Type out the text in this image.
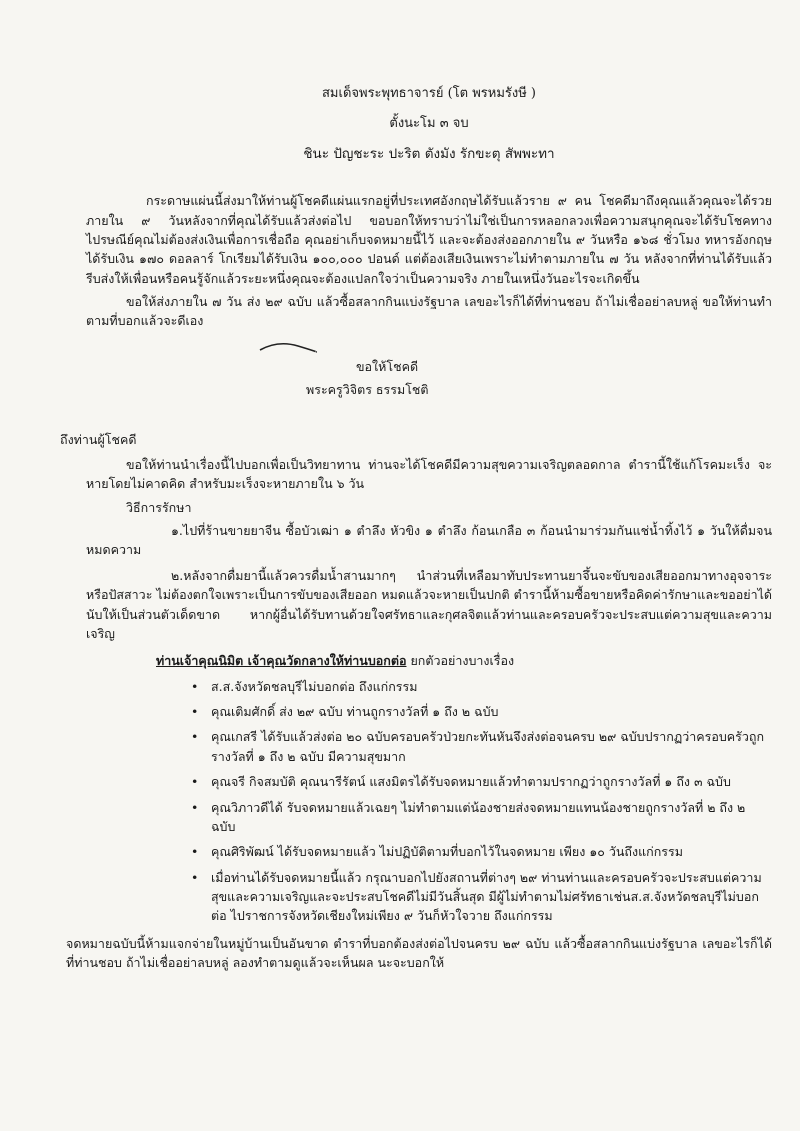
สมเด็จพระพุทธาจารย์ (โต พรหมรังษี )
ตั้งนะโม ๓ จบ
ชินะ ปัญชะระ ปะริต ตังมัง รักขะตุ สัพพะทา
กระดาษแผ่นนี้ส่งมาให้ท่านผู้โชคดีแผ่นแรกอยู่ที่ประเทศอังกฤษได้รับแล้วราย ๙ คน โชคดีมาถึงคุณแล้วคุณจะได้รวยภายใน ๙ วันหลังจากที่คุณได้รับแล้วส่งต่อไป ขอบอกให้ทราบว่าไม่ใช่เป็นการหลอกลวงเพื่อความสนุกคุณจะได้รับโชคทางไปรษณีย์คุณไม่ต้องส่งเงินเพื่อการเชื่อถือ คุณอย่าเก็บจดหมายนี้ไว้ และจะต้องส่งออกภายใน ๙ วันหรือ ๑๖๘ ชั่วโมง ทหารอังกฤษได้รับเงิน ๑๗๐ ดอลลาร์ โกเรียมได้รับเงิน ๑๐๐,๐๐๐ ปอนด์ แต่ต้องเสียเงินเพราะไม่ทำตามภายใน ๗ วัน หลังจากที่ท่านได้รับแล้วรีบส่งให้เพื่อนหรือคนรู้จักแล้วระยะหนึ่งคุณจะต้องแปลกใจว่าเป็นความจริง ภายในเหนึ่งวันอะไรจะเกิดขึ้น
ขอให้ส่งภายใน ๗ วัน ส่ง ๒๙ ฉบับ แล้วซื้อสลากกินแบ่งรัฐบาล เลขอะไรก็ได้ที่ท่านชอบ ถ้าไม่เชื่ออย่าลบหลู่ ขอให้ท่านทำตามที่บอกแล้วจะดีเอง
ขอให้โชคดี
พระครูวิจิตร ธรรมโชติ
ถึงท่านผู้โชคดี
ขอให้ท่านนำเรื่องนี้ไปบอกเพื่อเป็นวิทยาทาน ท่านจะได้โชคดีมีความสุขความเจริญตลอดกาล ตำรานี้ใช้แก้โรคมะเร็ง จะหายโดยไม่คาดคิด สำหรับมะเร็งจะหายภายใน ๖ วัน
วิธีการรักษา
๑.ไปที่ร้านขายยาจีน ซื้อบัวเฒ่า ๑ ตำลึง หัวขิง ๑ ตำลึง ก้อนเกลือ ๓ ก้อนนำมาร่วมกันแช่น้ำทิ้งไว้ ๑ วันให้ดื่มจนหมดความ
๒.หลังจากดื่มยานี้แล้วควรดื่มน้ำสานมากๆ นำส่วนที่เหลือมาทับประทานยาจึ้นจะขับของเสียออกมาทางอุจจาระหรือปัสสาวะ ไม่ต้องตกใจเพราะเป็นการขับของเสียออก หมดแล้วจะหายเป็นปกติ ตำรานี้ห้ามซื้อขายหรือคิดค่ารักษาและขออย่าได้นับให้เป็นส่วนตัวเด็ดขาด หากผู้อื่นได้รับทานด้วยใจศรัทธาและกุศลจิตแล้วท่านและครอบครัวจะประสบแต่ความสุขและความเจริญ
ท่านเจ้าคุณนิมิต เจ้าคุณวัดกลางให้ท่านบอกต่อ ยกตัวอย่างบางเรื่อง
• ส.ส.จังหวัดชลบุรีไม่บอกต่อ ถึงแก่กรรม
• คุณเติมศักดิ์ ส่ง ๒๙ ฉบับ ท่านถูกรางวัลที่ ๑ ถึง ๒ ฉบับ
• คุณเกสรี ได้รับแล้วส่งต่อ ๒๐ ฉบับครอบครัวป่วยกะทันหันจึงส่งต่อจนครบ ๒๙ ฉบับปรากฏว่าครอบครัวถูกรางวัลที่ ๑ ถึง ๒ ฉบับ มีความสุขมาก
• คุณจรี กิจสมบัติ คุณนารีรัตน์ แสงมิตรได้รับจดหมายแล้วทำตามปรากฏว่าถูกรางวัลที่ ๑ ถึง ๓ ฉบับ
• คุณวิภาวดีได้ รับจดหมายแล้วเฉยๆ ไม่ทำตามแต่น้องชายส่งจดหมายแทนน้องชายถูกรางวัลที่ ๒ ถึง ๒ ฉบับ
• คุณศิริพัฒน์ ได้รับจดหมายแล้ว ไม่ปฏิบัติตามที่บอกไว้ในจดหมาย เพียง ๑๐ วันถึงแก่กรรม
• เมื่อท่านได้รับจดหมายนี้แล้ว กรุณาบอกไปยังสถานที่ต่างๆ ๒๙ ท่านท่านและครอบครัวจะประสบแต่ความสุขและความเจริญและจะประสบโชคดีไม่มีวันสิ้นสุด มีผู้ไม่ทำตามไม่ศรัทธาเช่นส.ส.จังหวัดชลบุรีไม่บอกต่อ ไปราชการจังหวัดเชียงใหม่เพียง ๙ วันก็หัวใจวาย ถึงแก่กรรม
จดหมายฉบับนี้ห้ามแจกจ่ายในหมู่บ้านเป็นอันขาด ตำราที่บอกต้องส่งต่อไปจนครบ ๒๙ ฉบับ แล้วซื้อสลากกินแบ่งรัฐบาล เลขอะไรก็ได้ที่ท่านชอบ ถ้าไม่เชื่ออย่าลบหลู่ ลองทำตามดูแล้วจะเห็นผล นะจะบอกให้
